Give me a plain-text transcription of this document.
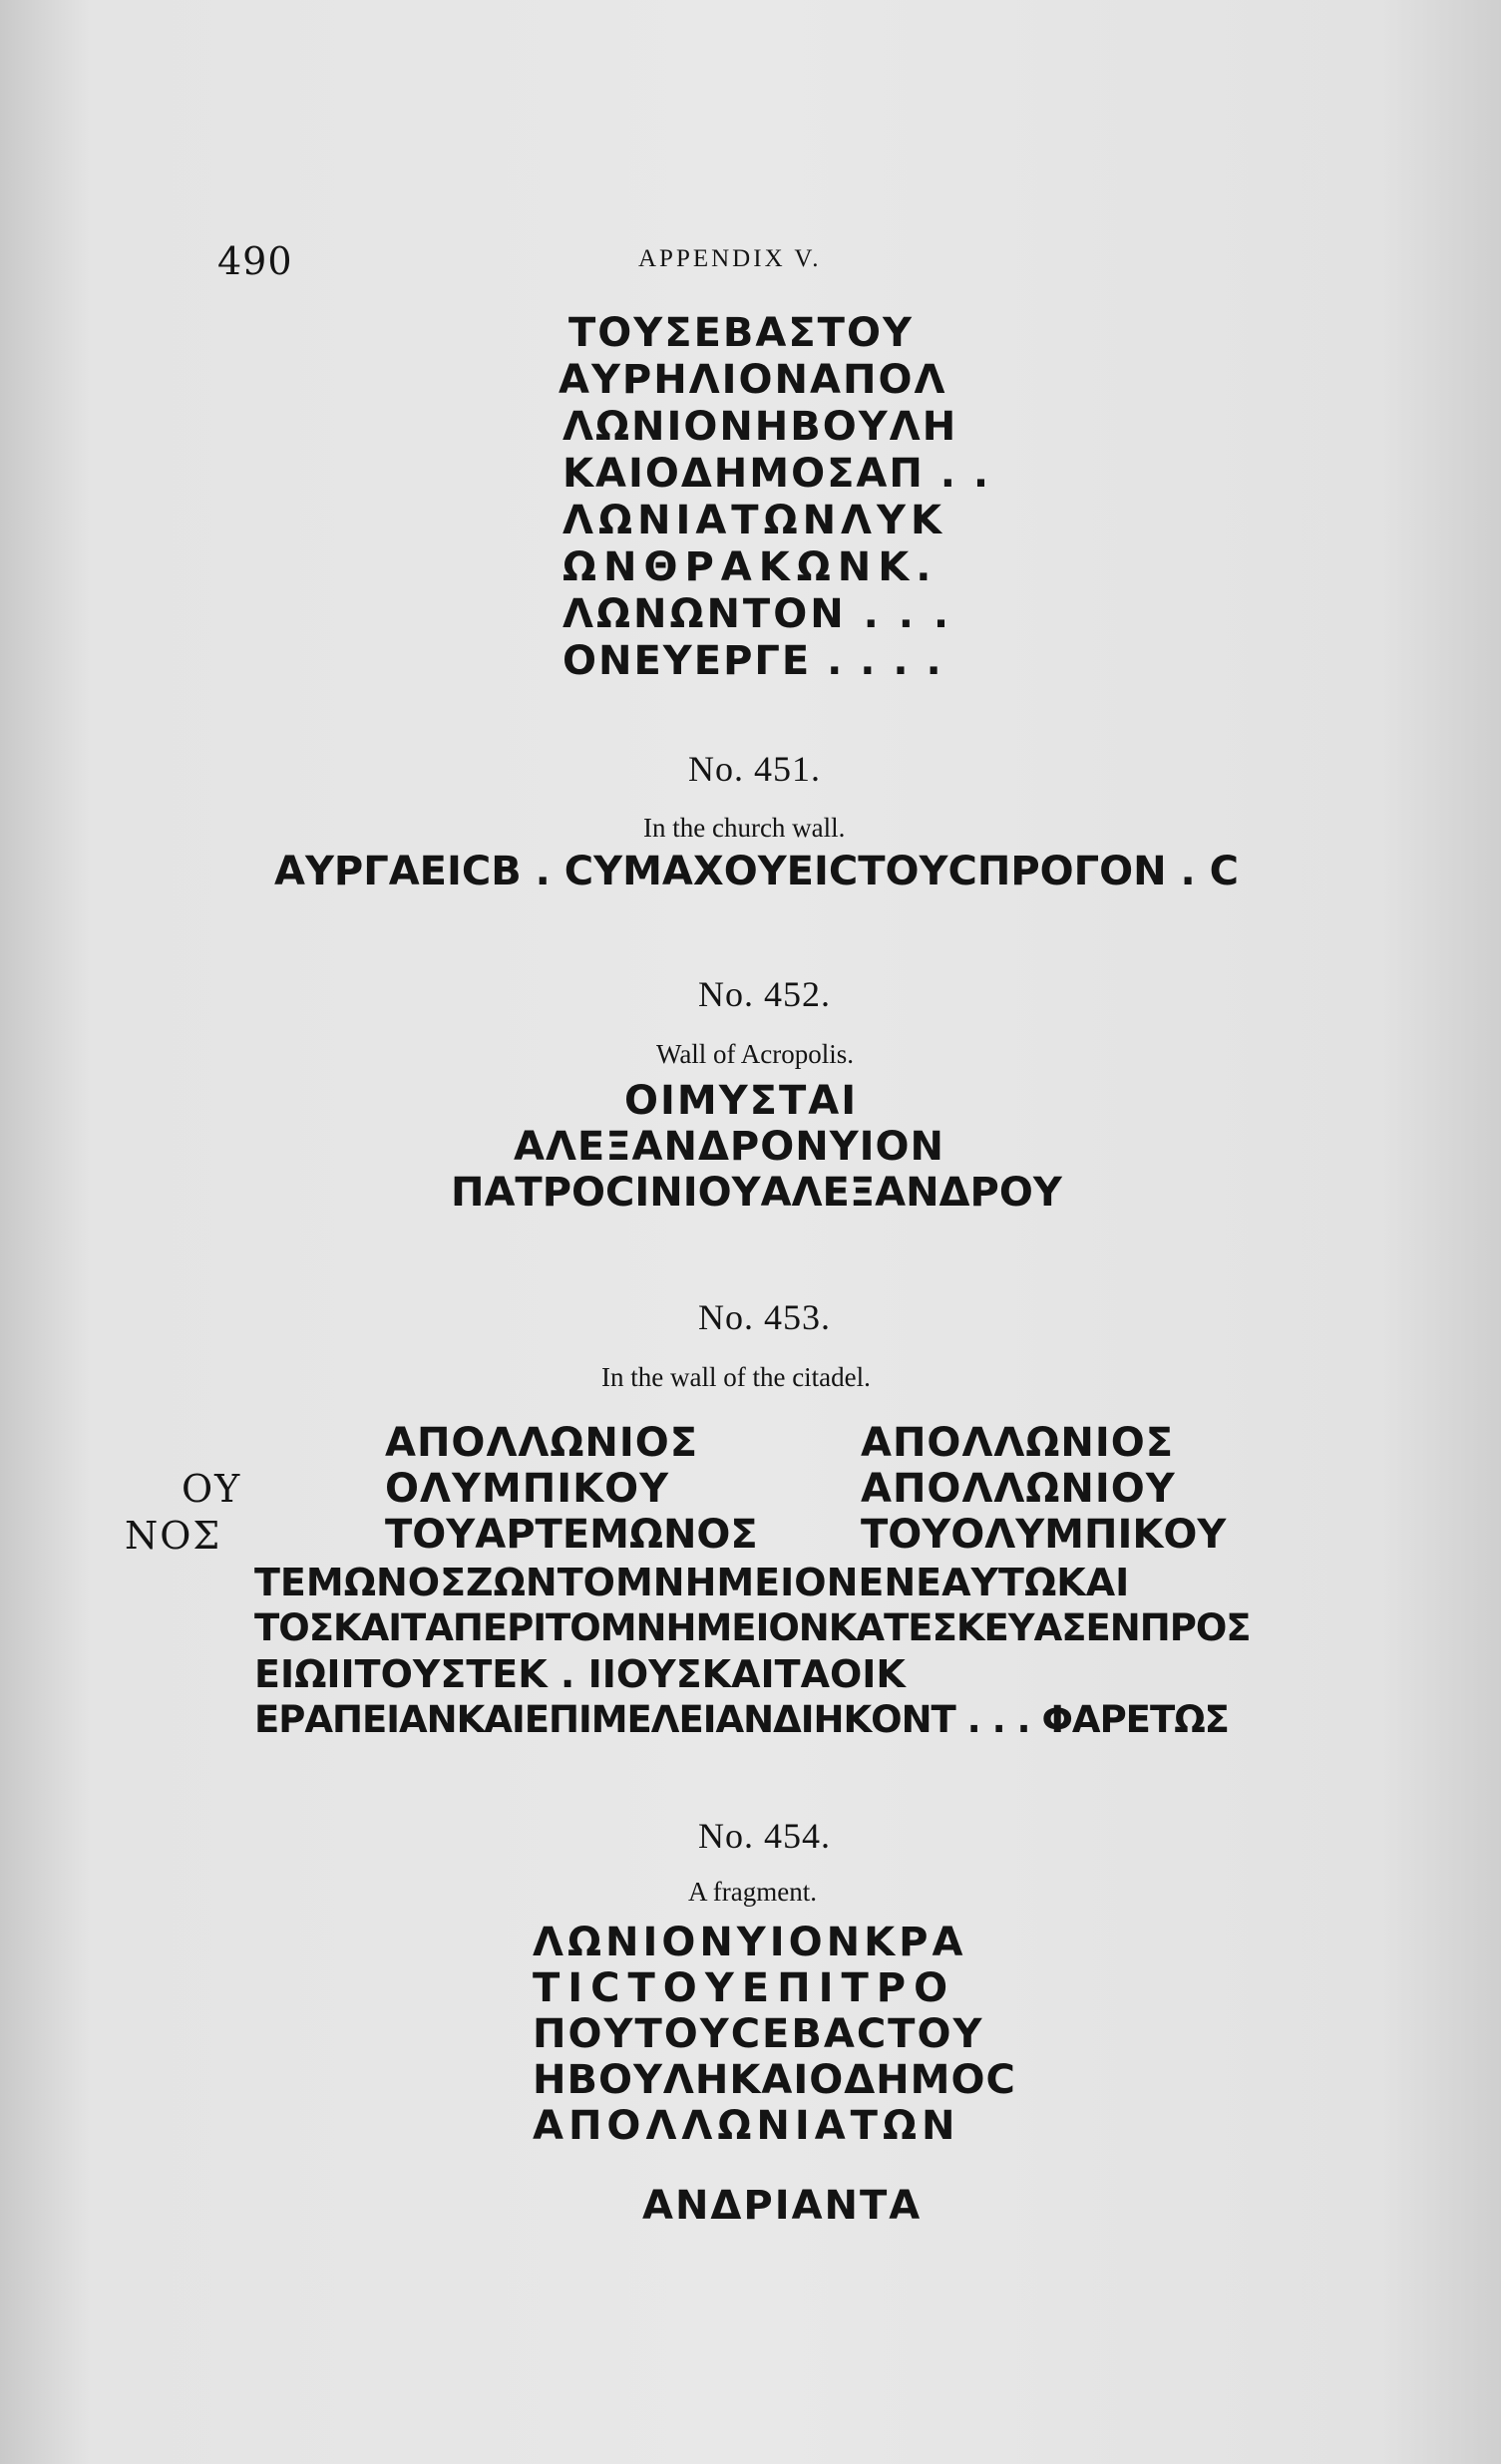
490	APPENDIX V.
ΤΟΥΣΕΒΑΣΤΟΥ
ΑΥΡΗΛΙΟΝΑΠΟΛ
ΛΩΝΙΟΝΗΒΟΥΛΗ
ΚΑΙΟΔΗΜΟΣΑΠ . .
ΛΩΝΙΑΤΩΝΛΥΚ
ΩΝΘΡΑΚΩΝΚ.
ΛΩΝΩΝΤΟΝ . . .
ΟΝΕΥΕΡΓΕ . . . .
No. 451.
In the church wall.
ΑΥΡΓΑΕΙCΒ . CΥΜΑΧΟΥΕΙCΤΟΥCΠΡΟΓΟΝ . C
No. 452.
Wall of Acropolis.
ΟΙΜΥΣΤΑΙ
ΑΛΕΞΑΝΔΡΟΝΥΙΟΝ
ΠΑΤΡΟCΙΝΙΟΥΑΛΕΞΑΝΔΡΟΥ
No. 453.
In the wall of the citadel.
ΟΥ
ΝΟΣ
ΑΠΟΛΛΩΝΙΟΣ
ΟΛΥΜΠΙΚΟΥ
ΤΟΥΑΡΤΕΜΩΝΟΣ
ΑΠΟΛΛΩΝΙΟΣ
ΑΠΟΛΛΩΝΙΟΥ
ΤΟΥΟΛΥΜΠΙΚΟΥ
ΤΕΜΩΝΟΣΖΩΝΤΟΜΝΗΜΕΙΟΝΕΝΕΑΥΤΩΚΑΙ
ΤΟΣΚΑΙΤΑΠΕΡΙΤΟΜΝΗΜΕΙΟΝΚΑΤΕΣΚΕΥΑΣΕΝΠΡΟΣ
ΕΙΩΙΙΤΟΥΣΤΕΚ . ΙΙΟΥΣΚΑΙΤΑΟΙΚ
ΕΡΑΠΕΙΑΝΚΑΙΕΠΙΜΕΛΕΙΑΝΔΙΗΚΟΝΤ . . . ΦΑΡΕΤΩΣ
No. 454.
A fragment.
ΛΩΝΙΟΝΥΙΟΝΚΡΑ
ΤΙCΤΟΥΕΠΙΤΡΟ
ΠΟΥΤΟΥCΕΒΑCΤΟΥ
ΗΒΟΥΛΗΚΑΙΟΔΗΜΟC
ΑΠΟΛΛΩΝΙΑΤΩΝ
ΑΝΔΡΙΑΝΤΑ
